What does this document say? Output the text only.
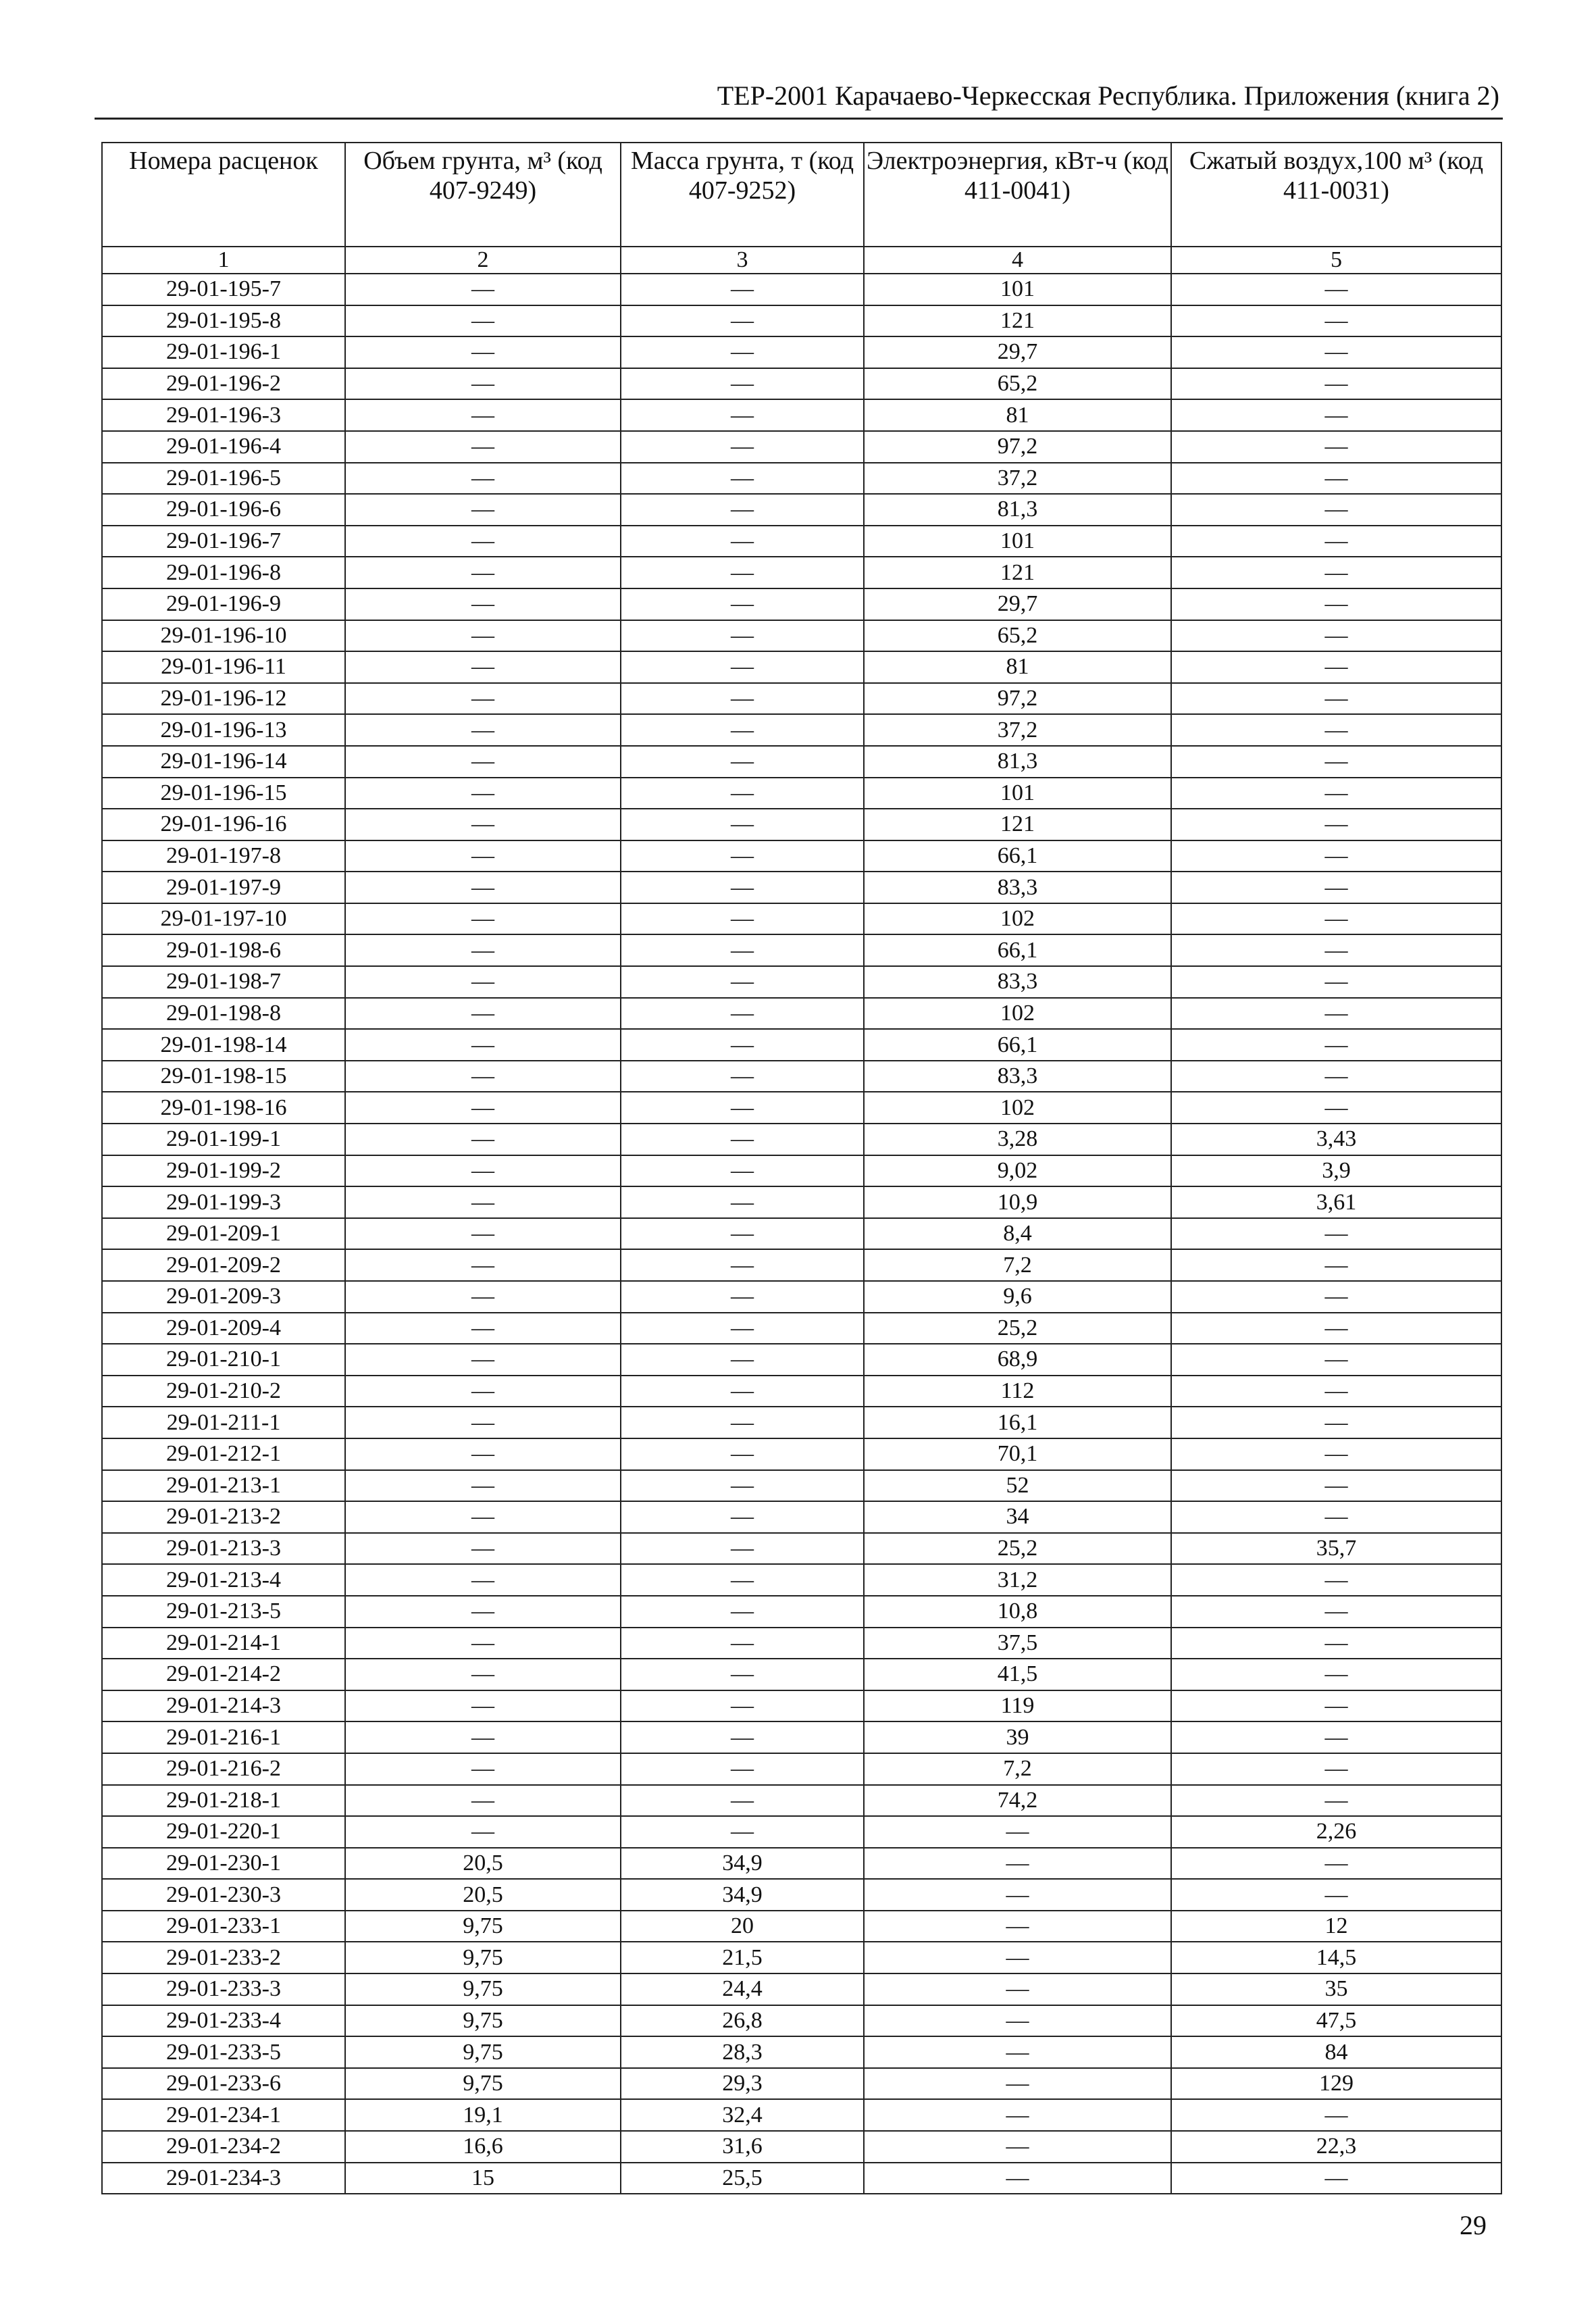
ТЕР-2001 Карачаево-Черкесская Республика. Приложения (книга 2)
Номера расценок	Объем грунта, м³ (код 407-9249)	Масса грунта, т (код 407-9252)	Электроэнергия, кВт-ч (код 411-0041)	Сжатый воздух,100 м³ (код 411-0031)
1	2	3	4	5
29-01-195-7	—	—	101	—
29-01-195-8	—	—	121	—
29-01-196-1	—	—	29,7	—
29-01-196-2	—	—	65,2	—
29-01-196-3	—	—	81	—
29-01-196-4	—	—	97,2	—
29-01-196-5	—	—	37,2	—
29-01-196-6	—	—	81,3	—
29-01-196-7	—	—	101	—
29-01-196-8	—	—	121	—
29-01-196-9	—	—	29,7	—
29-01-196-10	—	—	65,2	—
29-01-196-11	—	—	81	—
29-01-196-12	—	—	97,2	—
29-01-196-13	—	—	37,2	—
29-01-196-14	—	—	81,3	—
29-01-196-15	—	—	101	—
29-01-196-16	—	—	121	—
29-01-197-8	—	—	66,1	—
29-01-197-9	—	—	83,3	—
29-01-197-10	—	—	102	—
29-01-198-6	—	—	66,1	—
29-01-198-7	—	—	83,3	—
29-01-198-8	—	—	102	—
29-01-198-14	—	—	66,1	—
29-01-198-15	—	—	83,3	—
29-01-198-16	—	—	102	—
29-01-199-1	—	—	3,28	3,43
29-01-199-2	—	—	9,02	3,9
29-01-199-3	—	—	10,9	3,61
29-01-209-1	—	—	8,4	—
29-01-209-2	—	—	7,2	—
29-01-209-3	—	—	9,6	—
29-01-209-4	—	—	25,2	—
29-01-210-1	—	—	68,9	—
29-01-210-2	—	—	112	—
29-01-211-1	—	—	16,1	—
29-01-212-1	—	—	70,1	—
29-01-213-1	—	—	52	—
29-01-213-2	—	—	34	—
29-01-213-3	—	—	25,2	35,7
29-01-213-4	—	—	31,2	—
29-01-213-5	—	—	10,8	—
29-01-214-1	—	—	37,5	—
29-01-214-2	—	—	41,5	—
29-01-214-3	—	—	119	—
29-01-216-1	—	—	39	—
29-01-216-2	—	—	7,2	—
29-01-218-1	—	—	74,2	—
29-01-220-1	—	—	—	2,26
29-01-230-1	20,5	34,9	—	—
29-01-230-3	20,5	34,9	—	—
29-01-233-1	9,75	20	—	12
29-01-233-2	9,75	21,5	—	14,5
29-01-233-3	9,75	24,4	—	35
29-01-233-4	9,75	26,8	—	47,5
29-01-233-5	9,75	28,3	—	84
29-01-233-6	9,75	29,3	—	129
29-01-234-1	19,1	32,4	—	—
29-01-234-2	16,6	31,6	—	22,3
29-01-234-3	15	25,5	—	—
29
